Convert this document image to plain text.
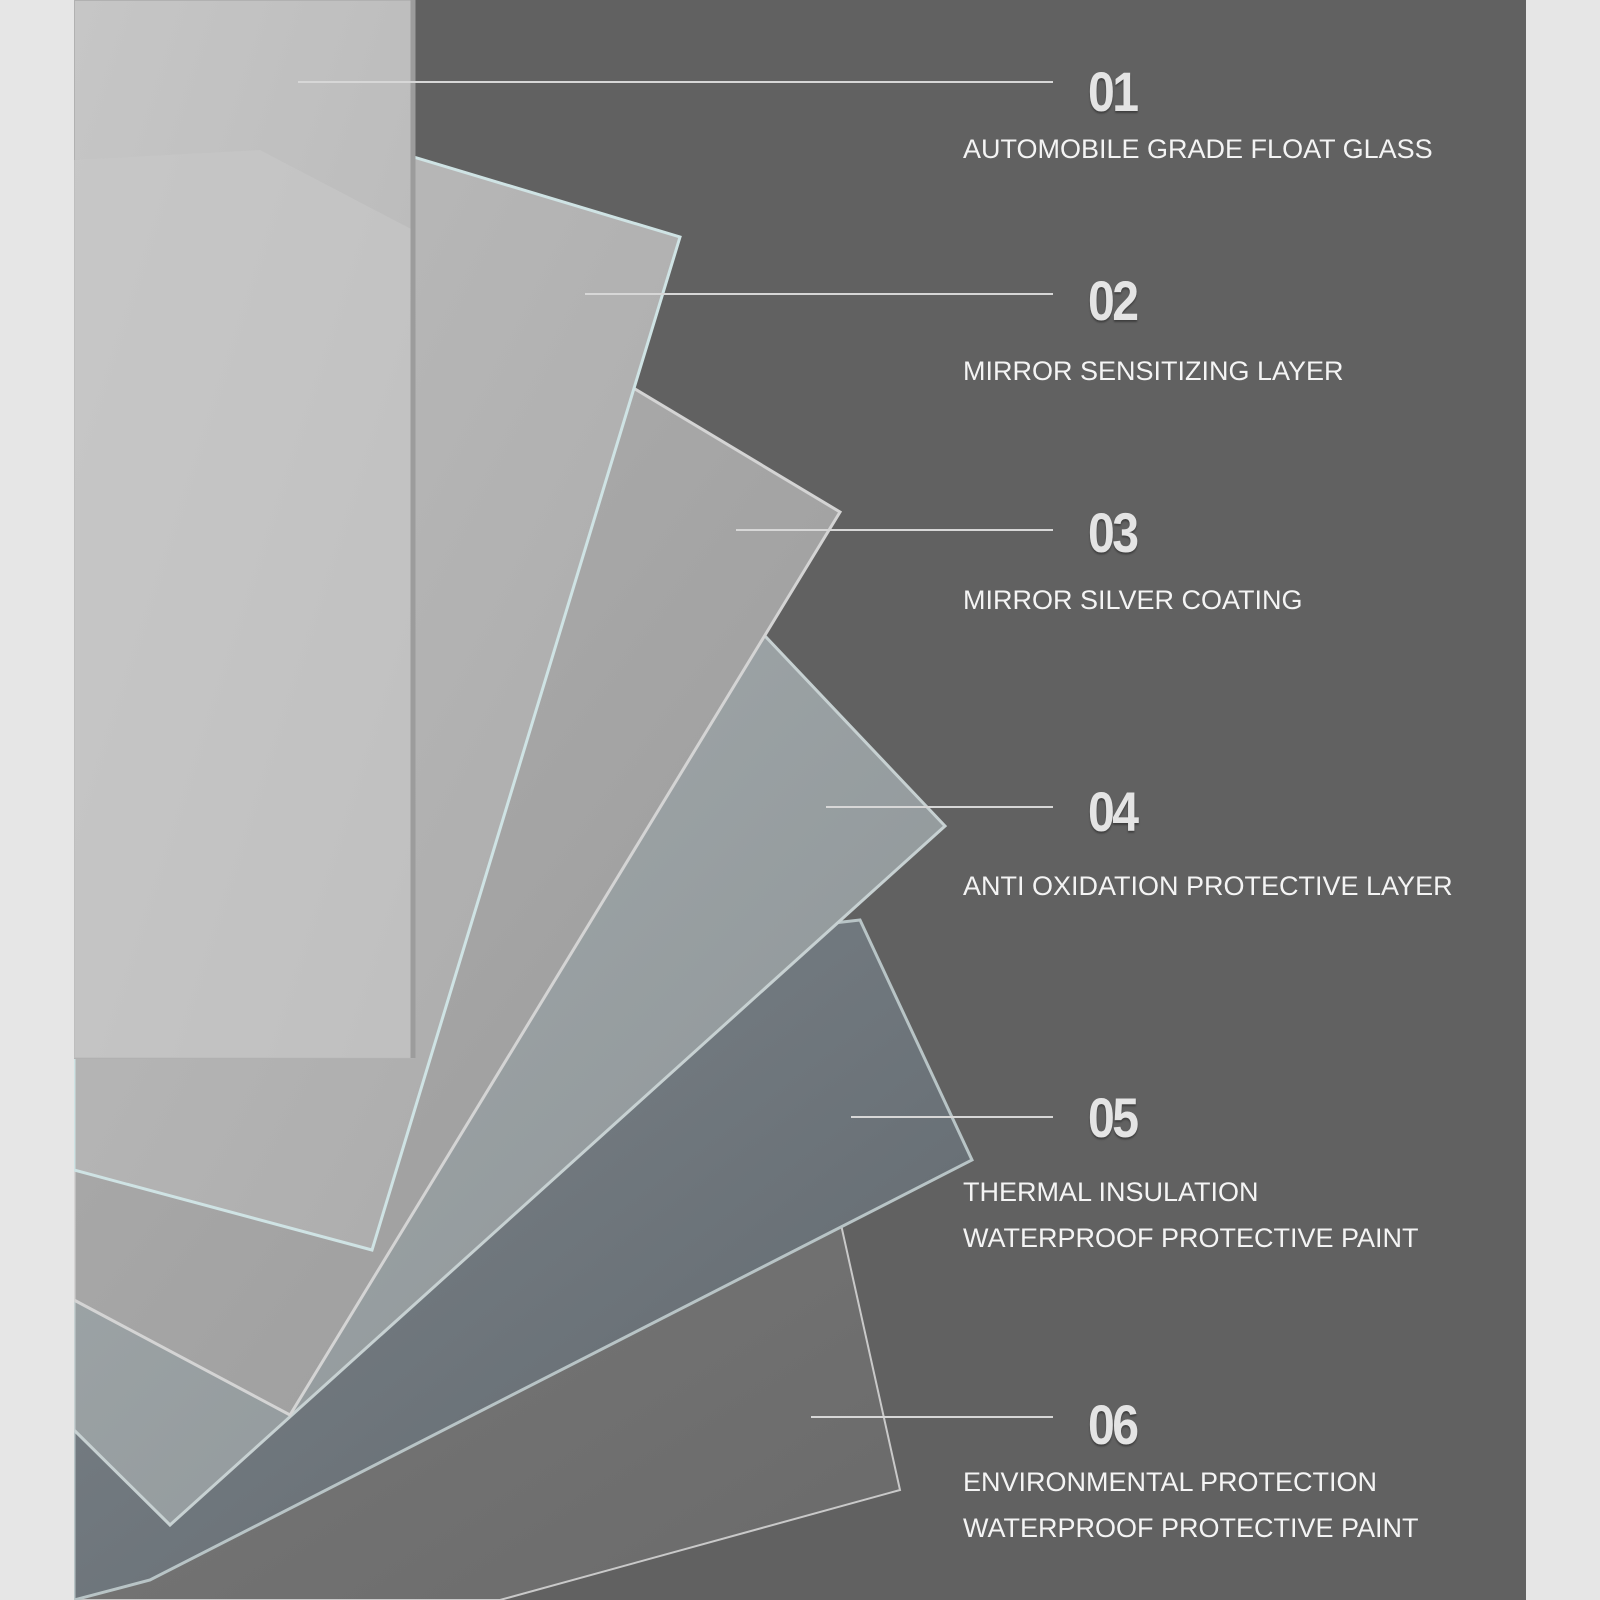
01
02
03
04
05
06
AUTOMOBILE GRADE FLOAT GLASS
MIRROR SENSITIZING LAYER
MIRROR SILVER COATING
ANTI OXIDATION PROTECTIVE LAYER
THERMAL INSULATION
WATERPROOF PROTECTIVE PAINT
ENVIRONMENTAL PROTECTION
WATERPROOF PROTECTIVE PAINT
